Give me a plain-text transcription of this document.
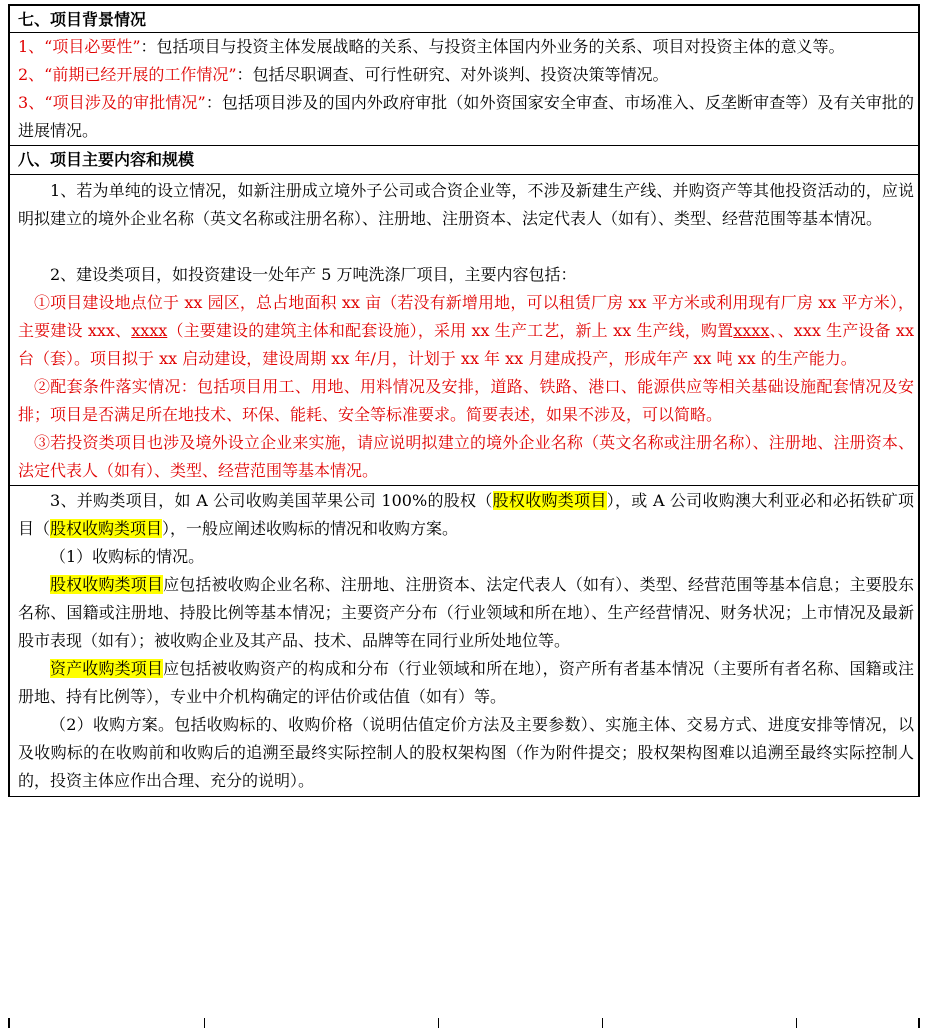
七、项目背景情况

1、“项目必要性”：包括项目与投资主体发展战略的关系、与投资主体国内外业务的关系、项目对投资主体的意义等。

2、“前期已经开展的工作情况”：包括尽职调查、可行性研究、对外谈判、投资决策等情况。

3、“项目涉及的审批情况”：包括项目涉及的国内外政府审批（如外资国家安全审查、市场准入、反垄断审查等）及有关审批的进展情况。

八、项目主要内容和规模

1、若为单纯的设立情况，如新注册成立境外子公司或合资企业等，不涉及新建生产线、并购资产等其他投资活动的，应说明拟建立的境外企业名称（英文名称或注册名称）、注册地、注册资本、法定代表人（如有）、类型、经营范围等基本情况。

2、建设类项目，如投资建设一处年产 5 万吨洗涤厂项目，主要内容包括：

①项目建设地点位于 xx 园区，总占地面积 xx 亩（若没有新增用地，可以租赁厂房 xx 平方米或利用现有厂房 xx 平方米），主要建设 xxx、xxxx（主要建设的建筑主体和配套设施），采用 xx 生产工艺，新上 xx 生产线，购置xxxx、、xxx 生产设备 xx 台（套）。项目拟于 xx 启动建设，建设周期 xx 年/月，计划于 xx 年 xx 月建成投产，形成年产 xx 吨 xx 的生产能力。

②配套条件落实情况：包括项目用工、用地、用料情况及安排，道路、铁路、港口、能源供应等相关基础设施配套情况及安排；项目是否满足所在地技术、环保、能耗、安全等标准要求。简要表述，如果不涉及，可以简略。

③若投资类项目也涉及境外设立企业来实施，请应说明拟建立的境外企业名称（英文名称或注册名称）、注册地、注册资本、法定代表人（如有）、类型、经营范围等基本情况。

3、并购类项目，如 A 公司收购美国苹果公司 100%的股权（股权收购类项目），或 A 公司收购澳大利亚必和必拓铁矿项目（股权收购类项目），一般应阐述收购标的情况和收购方案。

（1）收购标的情况。

股权收购类项目应包括被收购企业名称、注册地、注册资本、法定代表人（如有）、类型、经营范围等基本信息；主要股东名称、国籍或注册地、持股比例等基本情况；主要资产分布（行业领域和所在地）、生产经营情况、财务状况；上市情况及最新股市表现（如有）；被收购企业及其产品、技术、品牌等在同行业所处地位等。

资产收购类项目应包括被收购资产的构成和分布（行业领域和所在地），资产所有者基本情况（主要所有者名称、国籍或注册地、持有比例等），专业中介机构确定的评估价或估值（如有）等。

（2）收购方案。包括收购标的、收购价格（说明估值定价方法及主要参数）、实施主体、交易方式、进度安排等情况，以及收购标的在收购前和收购后的追溯至最终实际控制人的股权架构图（作为附件提交；股权架构图难以追溯至最终实际控制人的，投资主体应作出合理、充分的说明）。
